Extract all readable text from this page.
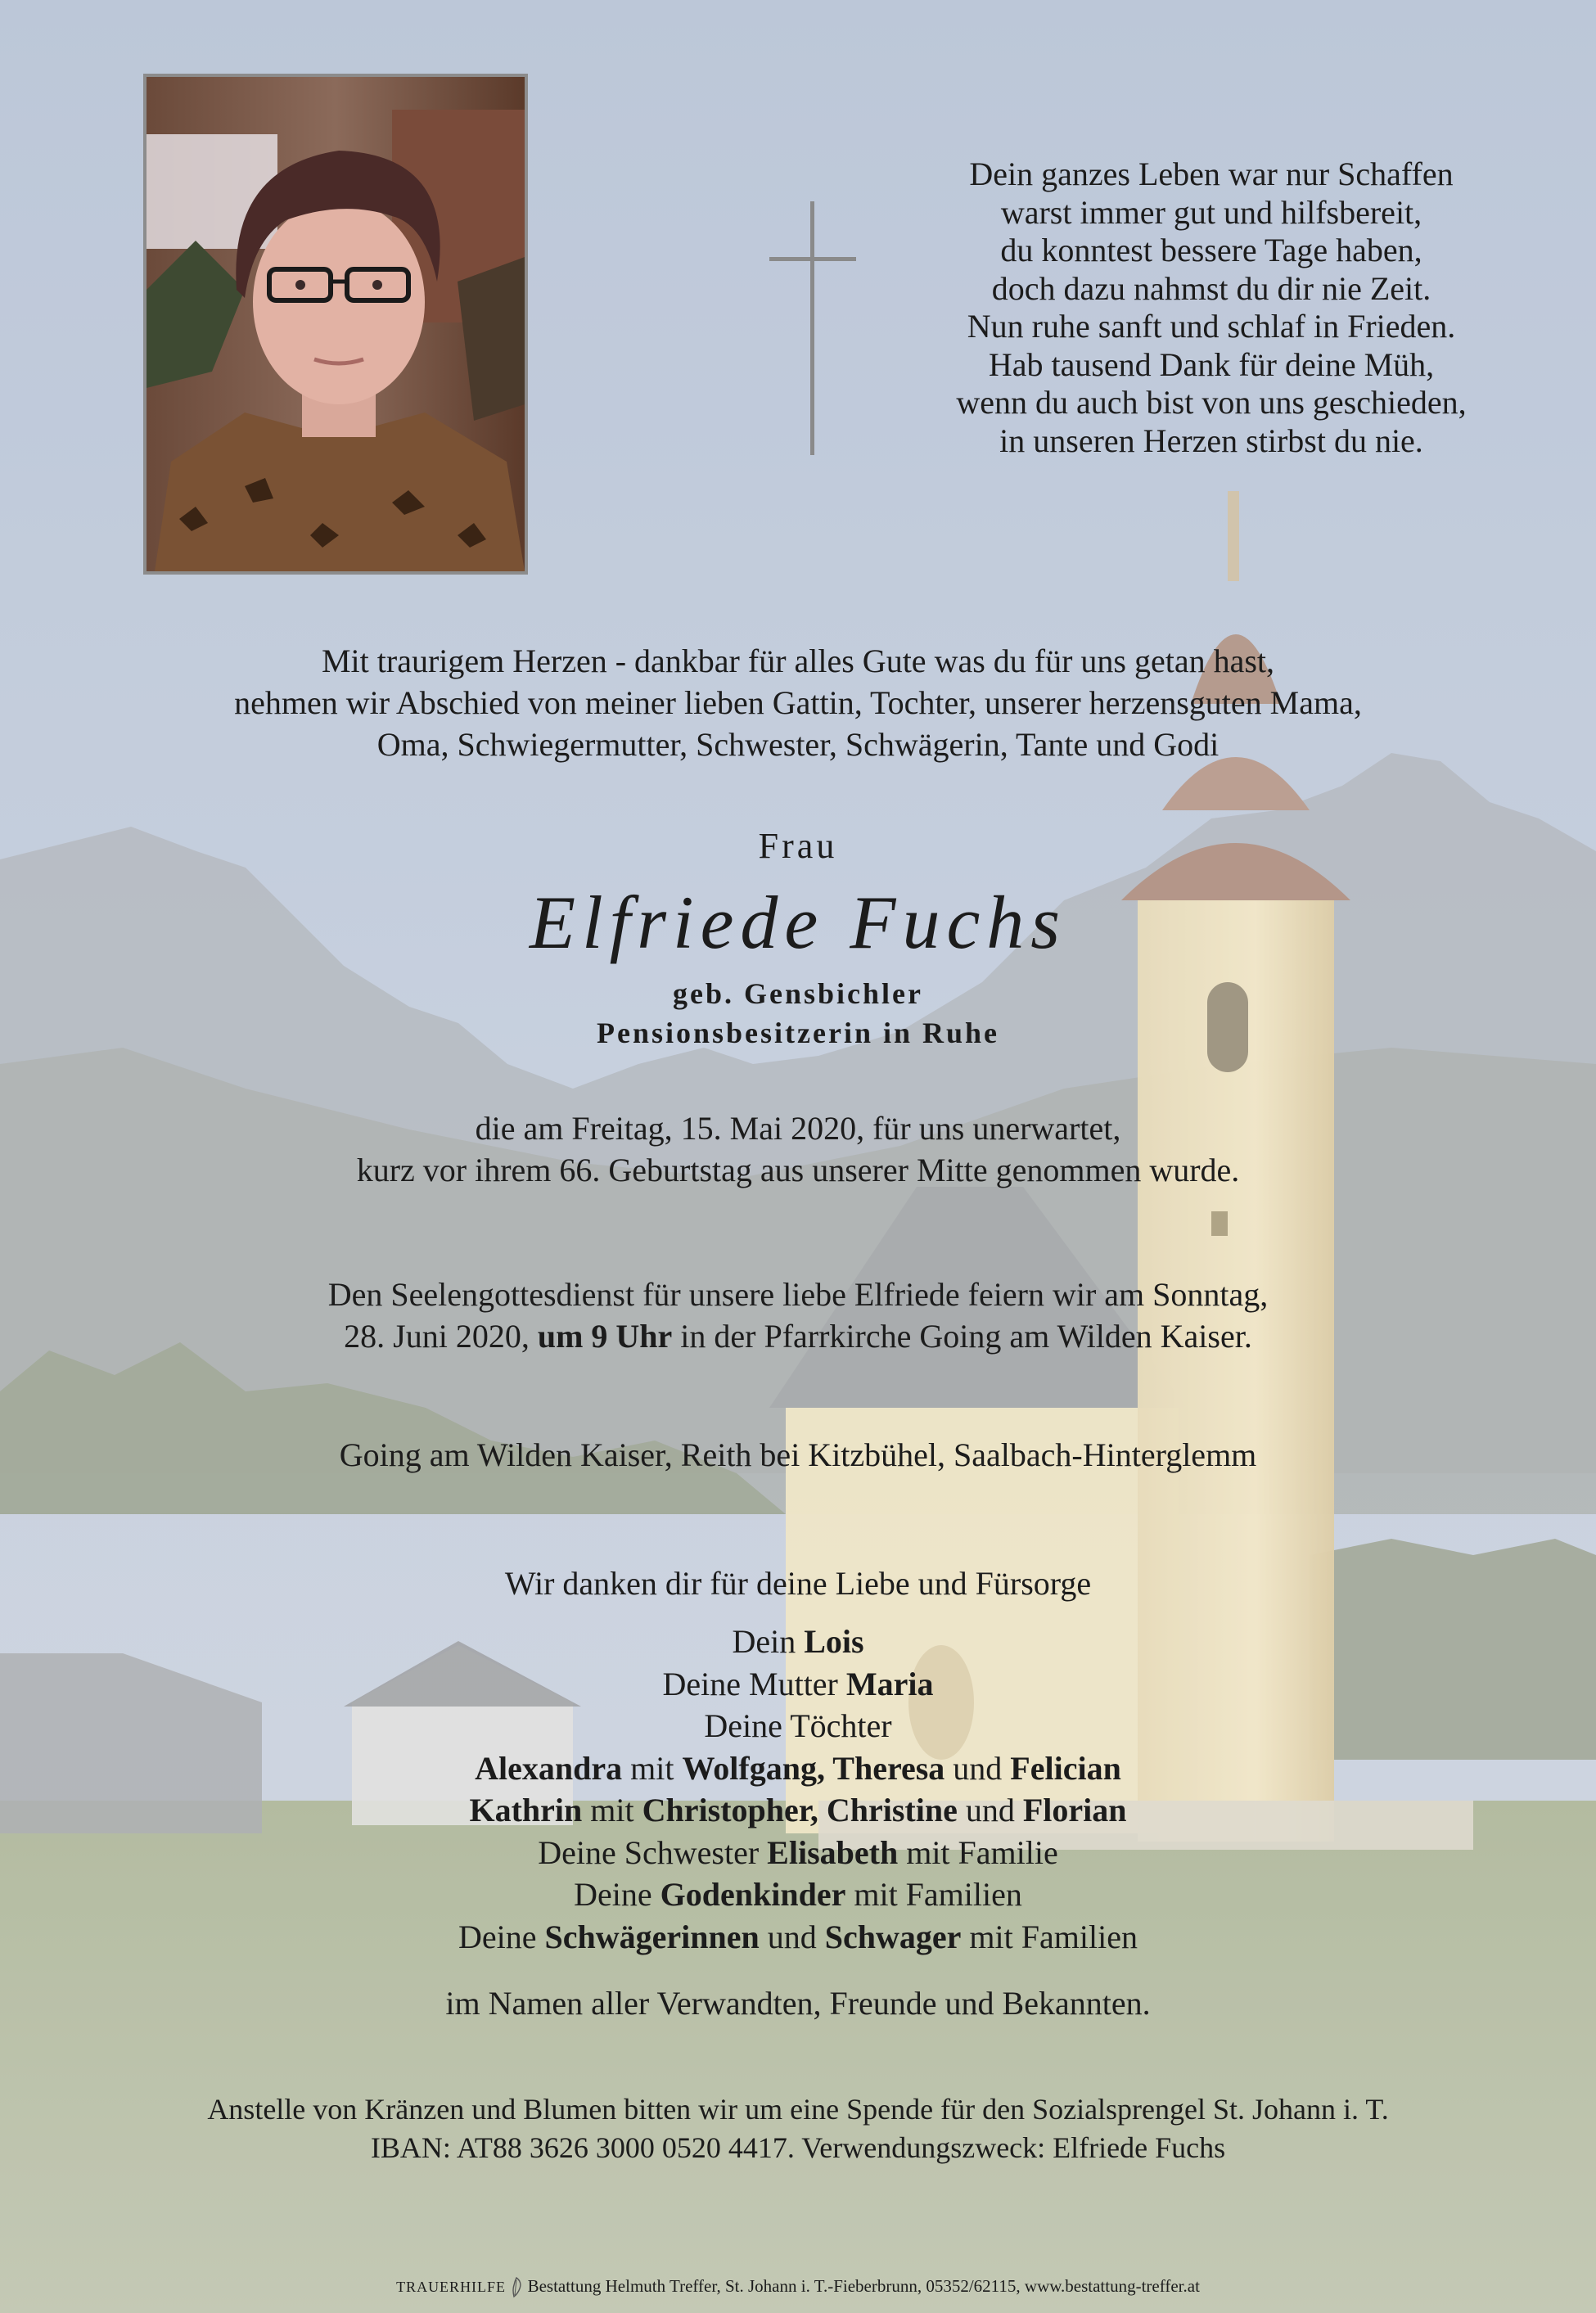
Dein ganzes Leben war nur Schaffen
warst immer gut und hilfsbereit,
du konntest bessere Tage haben,
doch dazu nahmst du dir nie Zeit.
Nun ruhe sanft und schlaf in Frieden.
Hab tausend Dank für deine Müh,
wenn du auch bist von uns geschieden,
in unseren Herzen stirbst du nie.
Mit traurigem Herzen - dankbar für alles Gute was du für uns getan hast,
nehmen wir Abschied von meiner lieben Gattin, Tochter, unserer herzensguten Mama,
Oma, Schwiegermutter, Schwester, Schwägerin, Tante und Godi
Frau
Elfriede Fuchs
geb. Gensbichler
Pensionsbesitzerin in Ruhe
die am Freitag, 15. Mai 2020, für uns unerwartet,
kurz vor ihrem 66. Geburtstag aus unserer Mitte genommen wurde.
Den Seelengottesdienst für unsere liebe Elfriede feiern wir am Sonntag,
28. Juni 2020, um 9 Uhr in der Pfarrkirche Going am Wilden Kaiser.
Going am Wilden Kaiser, Reith bei Kitzbühel, Saalbach-Hinterglemm
Wir danken dir für deine Liebe und Fürsorge
Dein Lois
Deine Mutter Maria
Deine Töchter
Alexandra mit Wolfgang, Theresa und Felician
Kathrin mit Christopher, Christine und Florian
Deine Schwester Elisabeth mit Familie
Deine Godenkinder mit Familien
Deine Schwägerinnen und Schwager mit Familien
im Namen aller Verwandten, Freunde und Bekannten.
Anstelle von Kränzen und Blumen bitten wir um eine Spende für den Sozialsprengel St. Johann i. T.
IBAN: AT88 3626 3000 0520 4417. Verwendungszweck: Elfriede Fuchs
TRAUERHILFE Bestattung Helmuth Treffer, St. Johann i. T.-Fieberbrunn, 05352/62115, www.bestattung-treffer.at
